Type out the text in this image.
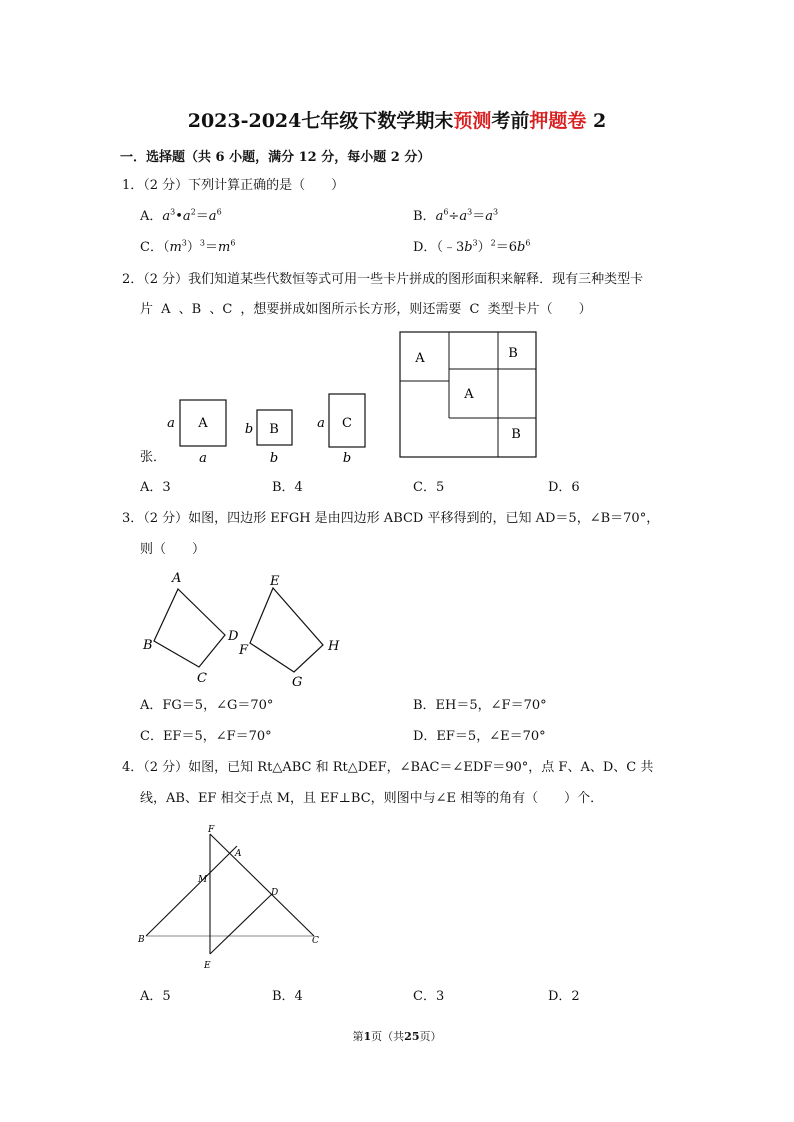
2023-2024七年级下数学期末预测考前押题卷 2
一．选择题（共 6 小题，满分 12 分，每小题 2 分）
1．（2 分）下列计算正确的是（　　）
A．$a^3•a^2=a^6$	B．$a^6\div a^3=a^3$
C．$(m^3)^3=m^6$	D．$(﹣3b^3)^2=6b^6$
2．（2 分）我们知道某些代数恒等式可用一些卡片拼成的图形面积来解释．现有三种类型卡
片 A 、B 、C ，想要拼成如图所示长方形，则还需要 C 类型卡片（　　）
A
a
a
B
b
b
C
a
b
A	B
A
B
张．
A．3	B．4	C．5	D．6
3．（2 分）如图，四边形 EFGH 是由四边形 ABCD 平移得到的，已知 AD＝5，∠B＝70°，
则（　　）
A
B
C
D
E
F
G
H
A．FG＝5，∠G＝70°	B．EH＝5，∠F＝70°
C．EF＝5，∠F＝70°	D．EF＝5，∠E＝70°
4．（2 分）如图，已知 Rt△ABC 和 Rt△DEF，∠BAC＝∠EDF＝90°，点 F、A、D、C 共
线，AB、EF 相交于点 M，且 EF⊥BC，则图中与∠E 相等的角有（　　）个．
F
A
M
D
B	C
E
A．5	B．4	C．3	D．2
第1页（共25页）
